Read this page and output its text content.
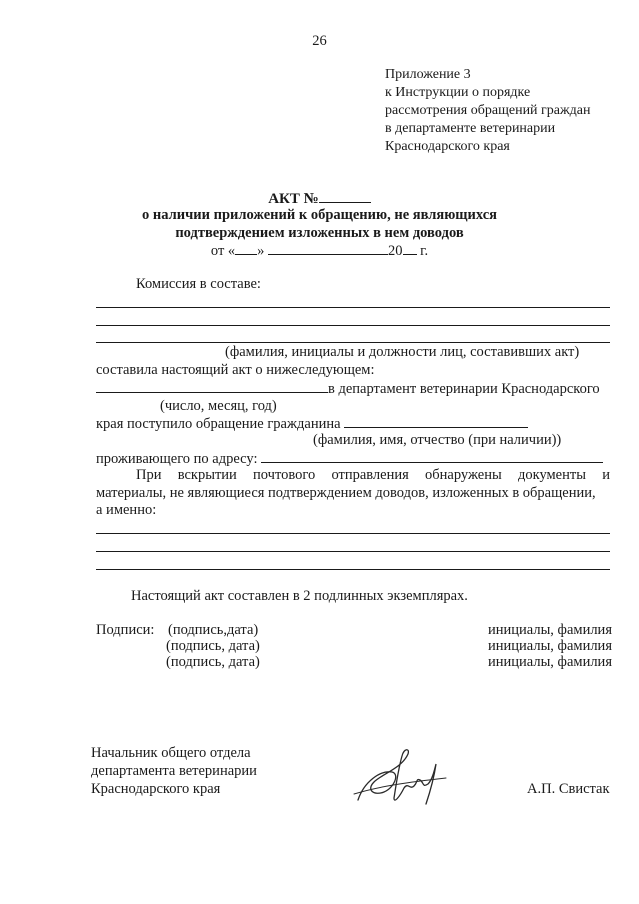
26
Приложение 3
к Инструкции о порядке
рассмотрения обращений граждан
в департаменте ветеринарии
Краснодарского края
АКТ №
о наличии приложений к обращению, не являющихся
подтверждением изложенных в нем доводов
от « »	20 г.
Комиссия в составе:
(фамилия, инициалы и должности лиц, составивших акт)
составила настоящий акт о нижеследующем:
в департамент ветеринарии Краснодарского
(число, месяц, год)
края поступило обращение гражданина
(фамилия, имя, отчество (при наличии))
проживающего по адресу:
При вскрытии почтового отправления обнаружены документы и
материалы, не являющиеся подтверждением доводов, изложенных в обращении,
а именно:
Настоящий акт составлен в 2 подлинных экземплярах.
Подписи: (подпись,дата)	инициалы, фамилия
(подпись, дата)	инициалы, фамилия
(подпись, дата)	инициалы, фамилия
Начальник общего отдела
департамента ветеринарии
Краснодарского края	А.П. Свистак
